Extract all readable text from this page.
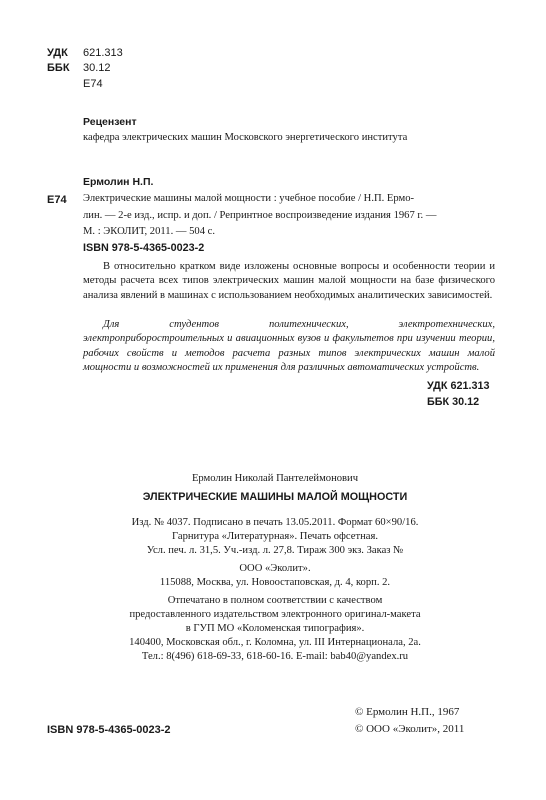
УДК 621.313
ББК 30.12
E74
Рецензент
кафедра электрических машин Московского энергетического института
Ермолин Н.П.
E74 Электрические машины малой мощности : учебное пособие / Н.П. Ермо-
лин. — 2-е изд., испр. и доп. / Репринтное воспроизведение издания 1967 г. —
М. : ЭКОЛИТ, 2011. — 504 с.
ISBN 978-5-4365-0023-2
В относительно кратком виде изложены основные вопросы и особенности теории и методы расчета всех типов электрических машин малой мощности на базе физического анализа явлений в машинах с использованием необходимых аналитических зависимостей.
Для студентов политехнических, электротехнических, электроприборостроительных и авиационных вузов и факультетов при изучении теории, рабочих свойств и методов расчета разных типов электрических машин малой мощности и возможностей их применения для различных автоматических устройств.
УДК 621.313
ББК 30.12
Ермолин Николай Пантелеймонович
ЭЛЕКТРИЧЕСКИЕ МАШИНЫ МАЛОЙ МОЩНОСТИ
Изд. № 4037. Подписано в печать 13.05.2011. Формат 60×90/16.
Гарнитура «Литературная». Печать офсетная.
Усл. печ. л. 31,5. Уч.-изд. л. 27,8. Тираж 300 экз. Заказ №
ООО «Эколит».
115088, Москва, ул. Новоостаповская, д. 4, корп. 2.
Отпечатано в полном соответствии с качеством
предоставленного издательством электронного оригинал-макета
в ГУП МО «Коломенская типография».
140400, Московская обл., г. Коломна, ул. III Интернационала, 2а.
Тел.: 8(496) 618-69-33, 618-60-16. E-mail: bab40@yandex.ru
ISBN 978-5-4365-0023-2
© Ермолин Н.П., 1967
© ООО «Эколит», 2011
